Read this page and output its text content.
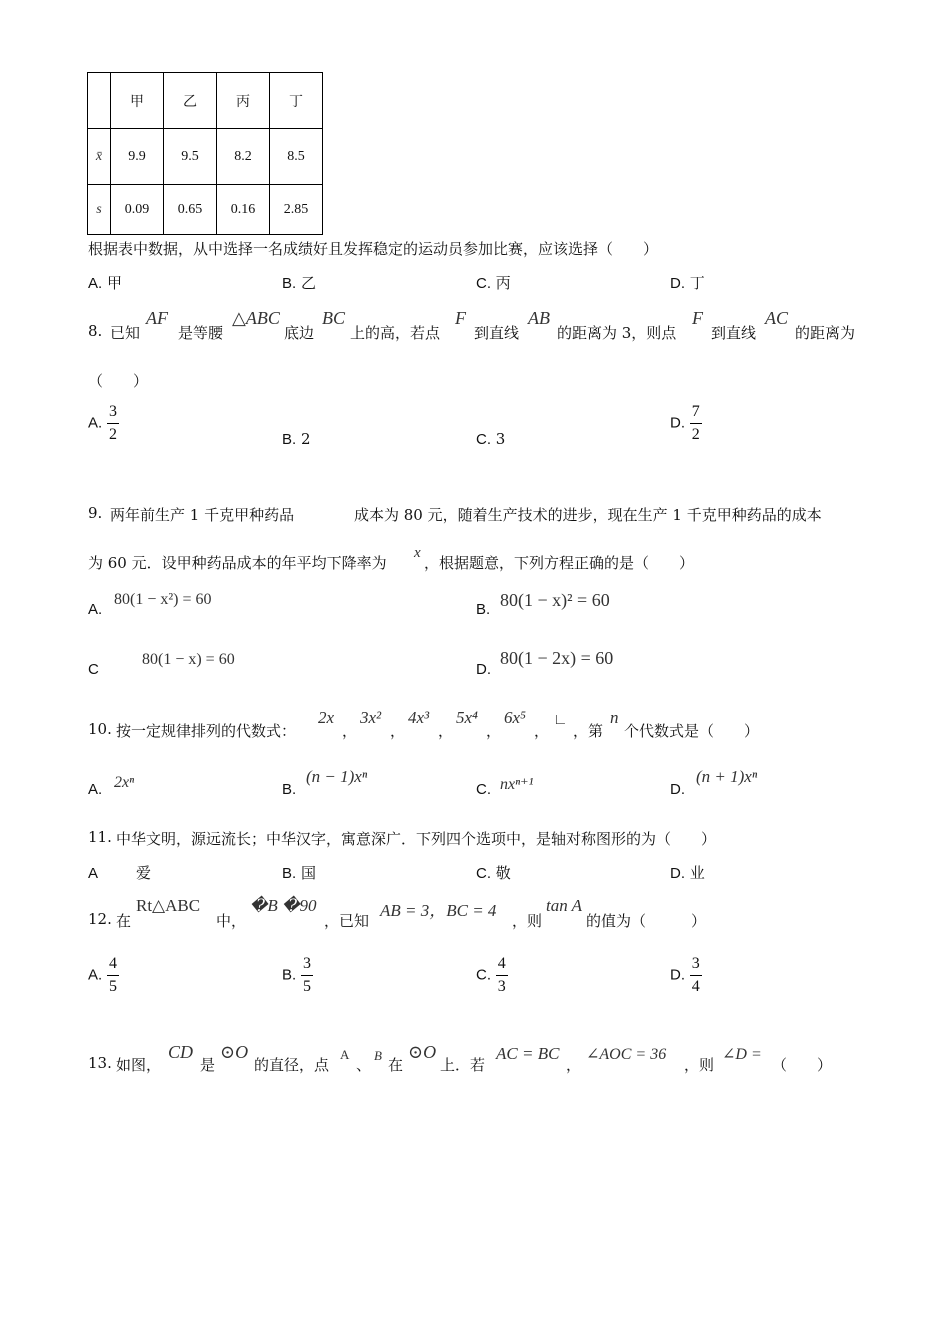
	甲	乙	丙	丁
x̄	9.9	9.5	8.2	8.5
s	0.09	0.65	0.16	2.85
根据表中数据，从中选择一名成绩好且发挥稳定的运动员参加比赛，应该选择（　　）
A. 甲	B. 乙	C. 丙	D. 丁
8. 已知
AF
是等腰
△ABC
底边
BC
上的高，若点
F
到直线
AB
的距离为 3，则点
F
到直线
AC
的距离为
（　　）
A. $\frac{3}{2}$	B. 2	C. 3
D. $\frac{7}{2}$
9. 两年前生产 1 千克甲种药品	成本为 80 元，随着生产技术的进步，现在生产 1 千克甲种药品的成本
为 60 元．设甲种药品成本的年平均下降率为
x
，根据题意，下列方程正确的是（　　）
A.
80(1 − x²) = 60
B. 80(1 − x)² = 60
C
80(1 − x) = 60
D.
80(1 − 2x) = 60
10. 按一定规律排列的代数式：
2x
，
3x²
，
4x³
，
5x⁴
，
6x⁵
，
∟
，第
n
个代数式是（　　）
A. 2xⁿ	B.
(n − 1)xⁿ
C. nxⁿ⁺¹	D.
(n + 1)xⁿ
11. 中华文明，源远流长；中华汉字，寓意深广．下列四个选项中，是轴对称图形的为（　　）
A	爱	B. 国	C. 敬	D. 业
12. 在
Rt△ABC
中，
�B �90
，已知
AB = 3，BC = 4
，则
tan A
的值为（　　　）
A. $\frac{4}{5}$	B. $\frac{3}{5}$	C. $\frac{4}{3}$	D. $\frac{3}{4}$
13. 如图，
CD
是
⊙O
的直径，点
A
、
B
在
⊙O
上．若
AC = BC
，
∠AOC = 36
，则
∠D =
（　　）
